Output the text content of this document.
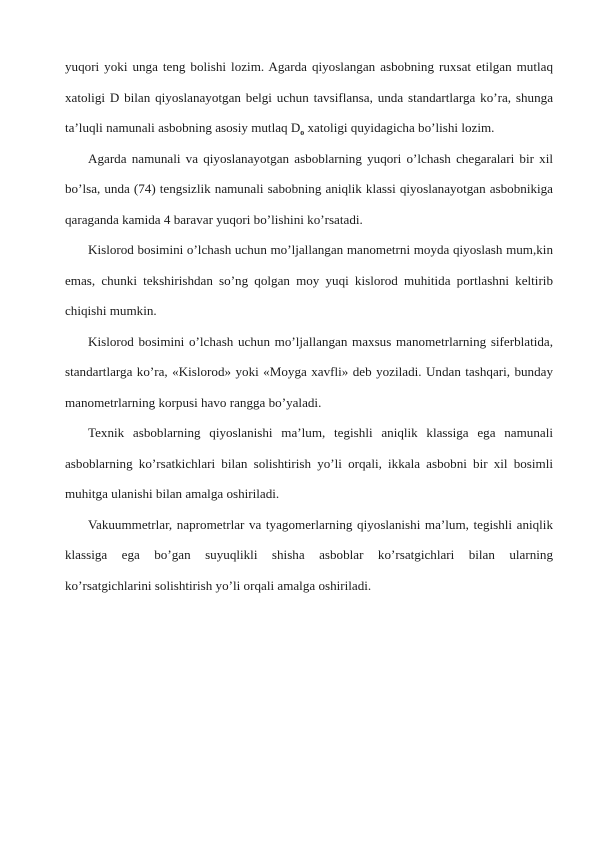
yuqori yoki unga teng bolishi lozim. Agarda qiyoslangan asbobning ruxsat etilgan mutlaq xatoligi D bilan qiyoslanayotgan belgi uchun tavsiflansa, unda standartlarga ko’ra, shunga ta’luqli namunali asbobning asosiy mutlaq $D_o$ xatoligi quyidagicha bo’lishi lozim.

Agarda namunali va qiyoslanayotgan asboblarning yuqori o’lchash chegaralari bir xil bo’lsa, unda (74) tengsizlik namunali sabobning aniqlik klassi qiyoslanayotgan asbobnikiga qaraganda kamida 4 baravar yuqori bo’lishini ko’rsatadi.

Kislorod bosimini o’lchash uchun mo’ljallangan manometrni moyda qiyoslash mum,kin emas, chunki tekshirishdan so’ng qolgan moy yuqi kislorod muhitida portlashni keltirib chiqishi mumkin.

Kislorod bosimini o’lchash uchun mo’ljallangan maxsus manometrlarning siferblatida, standartlarga ko’ra, «Kislorod» yoki «Moyga xavfli» deb yoziladi. Undan tashqari, bunday manometrlarning korpusi havo rangga bo’yaladi.

Texnik asboblarning qiyoslanishi ma’lum, tegishli aniqlik klassiga ega namunali asboblarning ko’rsatkichlari bilan solishtirish yo’li orqali, ikkala asbobni bir xil bosimli muhitga ulanishi bilan amalga oshiriladi.

Vakuummetrlar, naprometrlar va tyagomerlarning qiyoslanishi ma’lum, tegishli aniqlik klassiga ega bo’gan suyuqlikli shisha asboblar ko’rsatgichlari bilan ularning ko’rsatgichlarini solishtirish yo’li orqali amalga oshiriladi.
